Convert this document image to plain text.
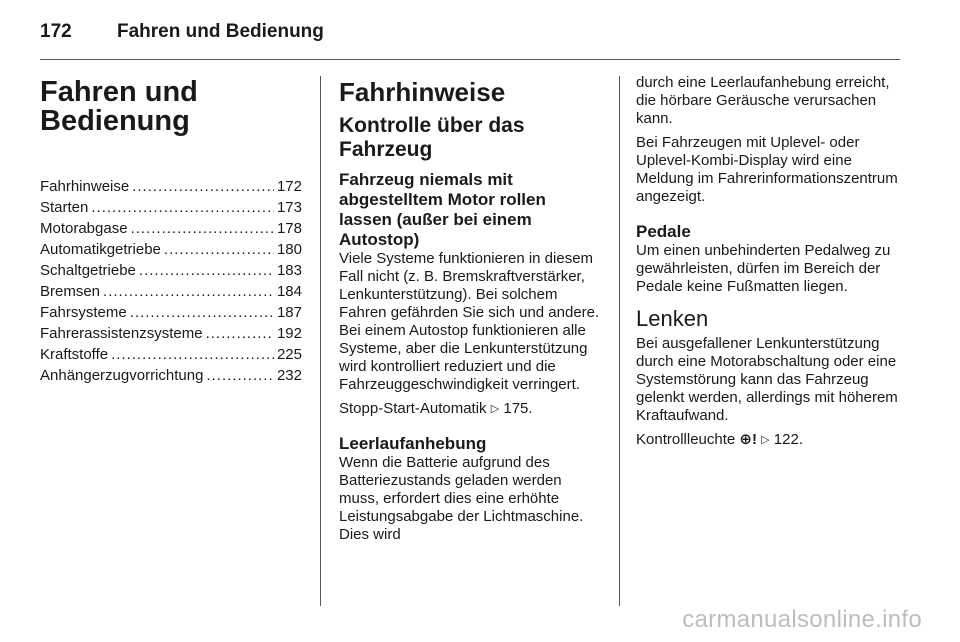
172	Fahren und Bedienung
Fahren und Bedienung
Fahrhinweise .....	172
Starten .....	173
Motorabgase .....	178
Automatikgetriebe .....	180
Schaltgetriebe .....	183
Bremsen .....	184
Fahrsysteme .....	187
Fahrerassistenzsysteme .....	192
Kraftstoffe .....	225
Anhängerzugvorrichtung .....	232
Fahrhinweise
Kontrolle über das Fahrzeug
Fahrzeug niemals mit abgestelltem Motor rollen lassen (außer bei einem Autostop)

Viele Systeme funktionieren in diesem Fall nicht (z. B. Bremskraftverstärker, Lenkunterstützung). Bei solchem Fahren gefährden Sie sich und andere. Bei einem Autostop funktionieren alle Systeme, aber die Lenkunterstützung wird kontrolliert reduziert und die Fahrzeuggeschwindigkeit verringert.

Stopp-Start-Automatik ▷ 175.

Leerlaufanhebung

Wenn die Batterie aufgrund des Batteriezustands geladen werden muss, erfordert dies eine erhöhte Leistungsabgabe der Lichtmaschine. Dies wird

durch eine Leerlaufanhebung erreicht, die hörbare Geräusche verursachen kann.

Bei Fahrzeugen mit Uplevel- oder Uplevel-Kombi-Display wird eine Meldung im Fahrerinformationszentrum angezeigt.

Pedale

Um einen unbehinderten Pedalweg zu gewährleisten, dürfen im Bereich der Pedale keine Fußmatten liegen.

Lenken

Bei ausgefallener Lenkunterstützung durch eine Motorabschaltung oder eine Systemstörung kann das Fahrzeug gelenkt werden, allerdings mit höherem Kraftaufwand.

Kontrollleuchte ⊕! ▷ 122.

carmanualsonline.info
